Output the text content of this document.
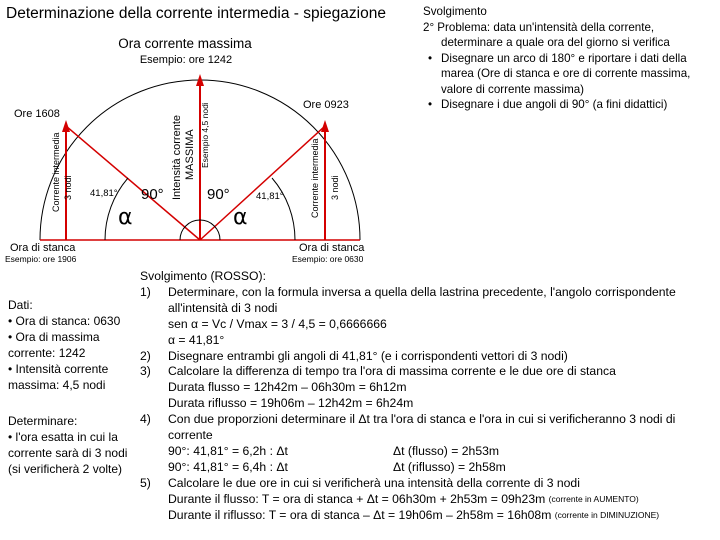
Determinazione della corrente intermedia - spiegazione	Svolgimento
2° Problema: data un'intensità della corrente,
determinare a quale ora del giorno si verifica
• Disegnare un arco di 180° e riportare i dati della
marea (Ore di stanca e ore di corrente massima,
valore di corrente massima)
• Disegnare i due angoli di 90° (a fini didattici)
Ora corrente massima
Esempio: ore 1242
Intensità corrente MASSIMA Esempio 4,5 nodi
Ore 1608
Ore 0923
Corrente intermedia 3 nodi	Corrente intermedia 3 nodi
41,81°	41,81°
90°	90°
α	α
Ora di stanca
Esempio: ore 1906
Ora di stanca
Esempio: ore 0630
Dati:
• Ora di stanca: 0630
• Ora di massima
corrente: 1242
• Intensità corrente
massima: 4,5 nodi
Determinare:
• l'ora esatta in cui la
corrente sarà di 3 nodi
(si verificherà 2 volte)
Svolgimento (ROSSO):
1)	Determinare, con la formula inversa a quella della lastrina precedente, l'angolo corrispondente
all'intensità di 3 nodi
sen α = Vc / Vmax = 3 / 4,5 = 0,6666666
α = 41,81°
2)	Disegnare entrambi gli angoli di 41,81° (e i corrispondenti vettori di 3 nodi)
3)	Calcolare la differenza di tempo tra l'ora di massima corrente e le due ore di stanca
Durata flusso = 12h42m – 06h30m = 6h12m
Durata riflusso = 19h06m – 12h42m = 6h24m
4)	Con due proporzioni determinare il Δt tra l'ora di stanca e l'ora in cui si verificheranno 3 nodi di
corrente
90°: 41,81° = 6,2h : Δt	Δt (flusso) = 2h53m
90°: 41,81° = 6,4h : Δt	Δt (riflusso) = 2h58m
5)	Calcolare le due ore in cui si verificherà una intensità della corrente di 3 nodi
Durante il flusso: T = ora di stanca + Δt = 06h30m + 2h53m = 09h23m
(corrente in AUMENTO)
Durante il riflusso: T = ora di stanca – Δt = 19h06m – 2h58m = 16h08m
(corrente in DIMINUZIONE)
